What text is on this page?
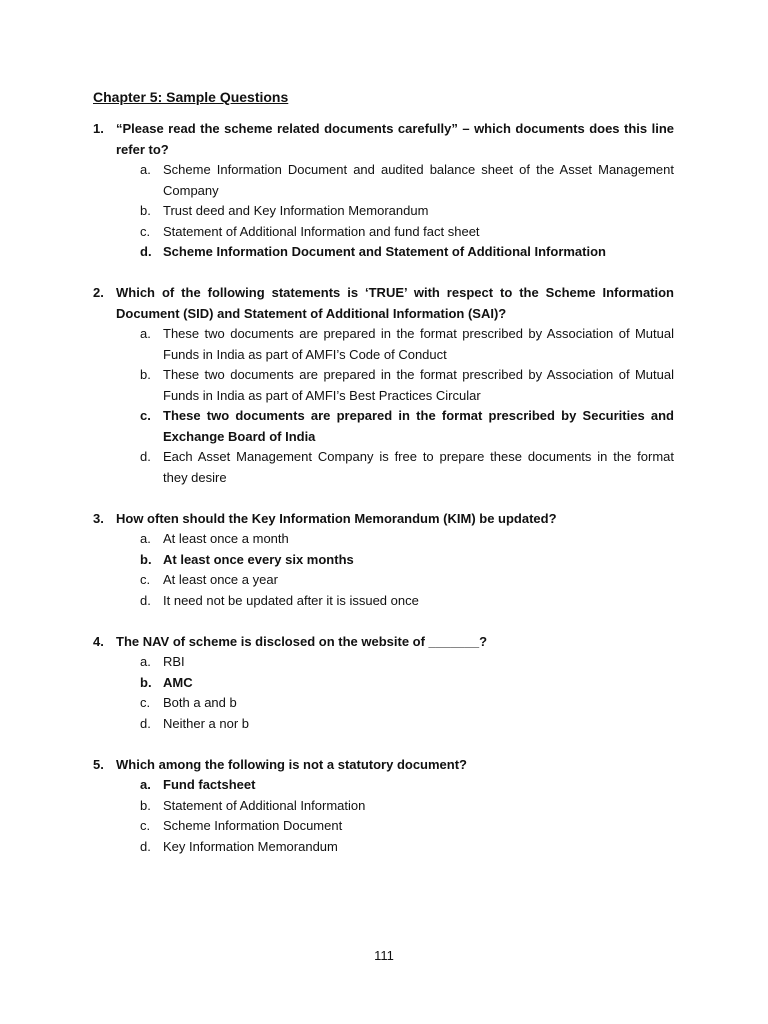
Chapter 5: Sample Questions
1. “Please read the scheme related documents carefully” – which documents does this line refer to?
a. Scheme Information Document and audited balance sheet of the Asset Management Company
b. Trust deed and Key Information Memorandum
c. Statement of Additional Information and fund fact sheet
d. Scheme Information Document and Statement of Additional Information
2. Which of the following statements is ‘TRUE’ with respect to the Scheme Information Document (SID) and Statement of Additional Information (SAI)?
a. These two documents are prepared in the format prescribed by Association of Mutual Funds in India as part of AMFI’s Code of Conduct
b. These two documents are prepared in the format prescribed by Association of Mutual Funds in India as part of AMFI’s Best Practices Circular
c. These two documents are prepared in the format prescribed by Securities and Exchange Board of India
d. Each Asset Management Company is free to prepare these documents in the format they desire
3. How often should the Key Information Memorandum (KIM) be updated?
a. At least once a month
b. At least once every six months
c. At least once a year
d. It need not be updated after it is issued once
4. The NAV of scheme is disclosed on the website of _______?
a. RBI
b. AMC
c. Both a and b
d. Neither a nor b
5. Which among the following is not a statutory document?
a. Fund factsheet
b. Statement of Additional Information
c. Scheme Information Document
d. Key Information Memorandum
111
